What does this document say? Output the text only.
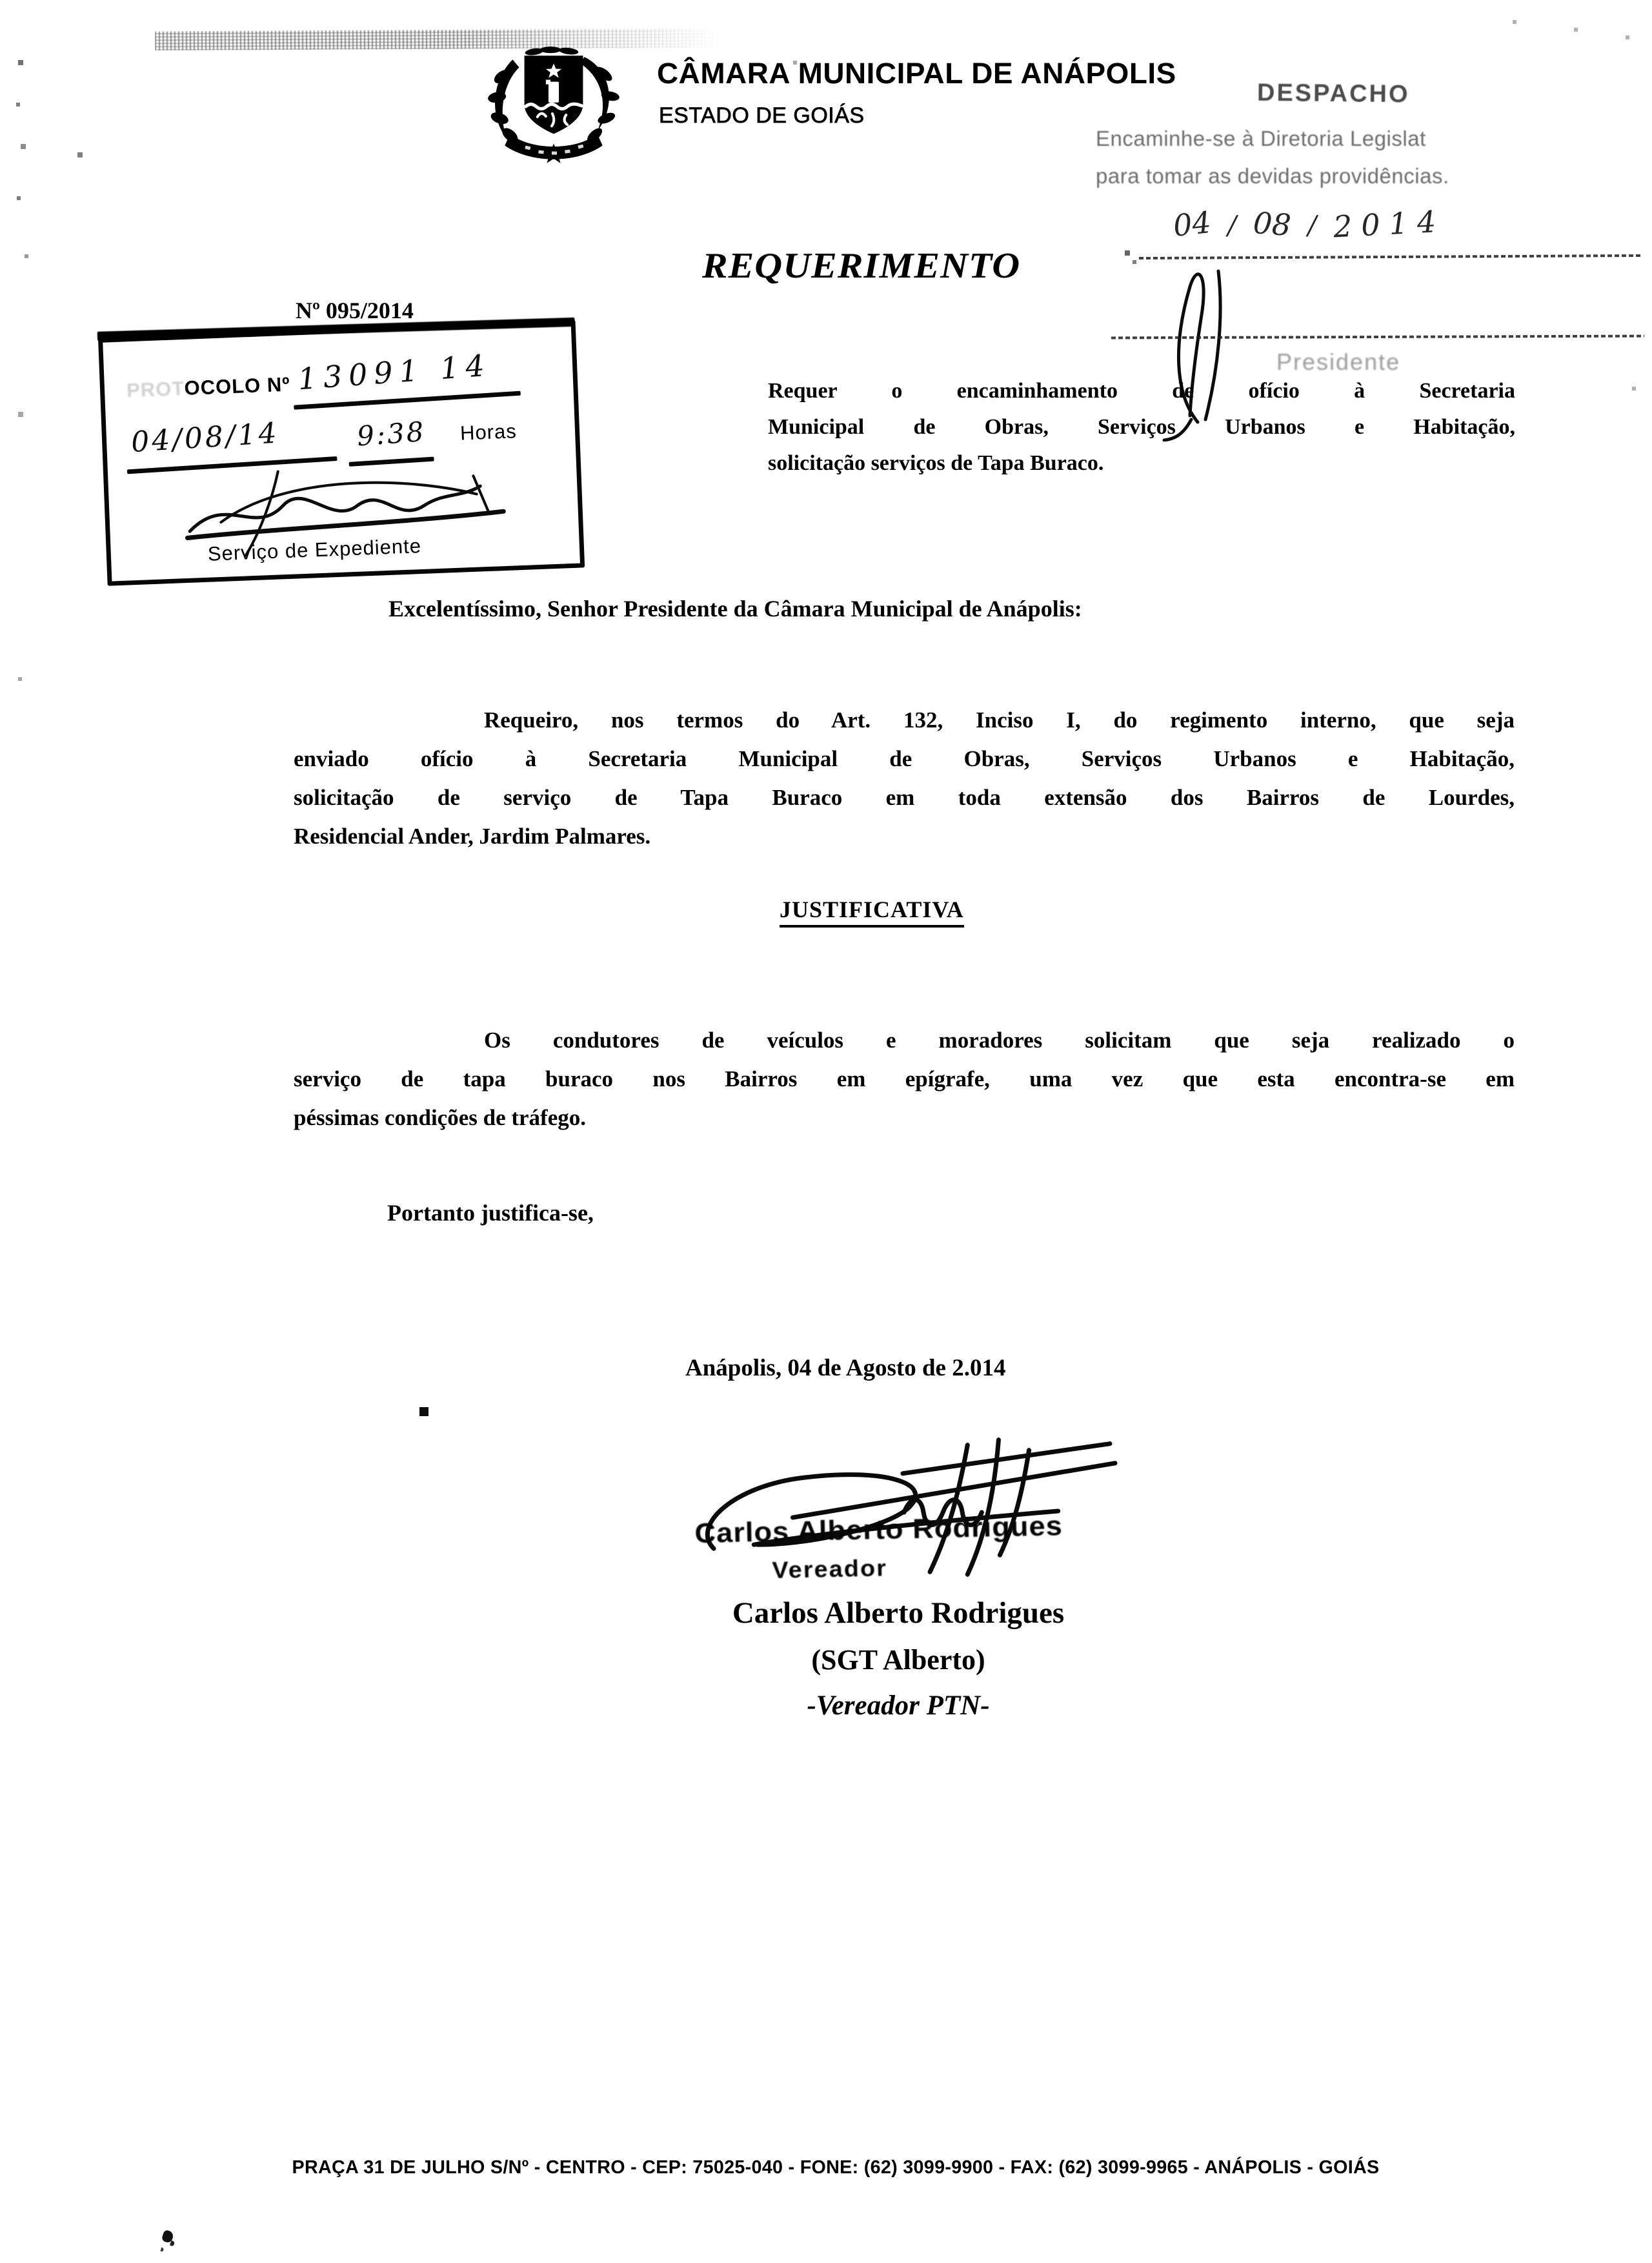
CÂMARA MUNICIPAL DE ANÁPOLIS
ESTADO DE GOIÁS
DESPACHO
Encaminhe-se à Diretoria Legislat
para tomar as devidas providências.
04 / 08 / 2014
Presidente
REQUERIMENTO
Nº 095/2014
PROTOCOLO Nº 13091 14
04/08/14	9:38 Horas
Serviço de Expediente
Requer o encaminhamento de ofício à Secretaria
Municipal de Obras, Serviços Urbanos e Habitação,
solicitação serviços de Tapa Buraco.
Excelentíssimo, Senhor Presidente da Câmara Municipal de Anápolis:
Requeiro, nos termos do Art. 132, Inciso I, do regimento interno, que seja
enviado ofício à Secretaria Municipal de Obras, Serviços Urbanos e Habitação,
solicitação de serviço de Tapa Buraco em toda extensão dos Bairros de Lourdes,
Residencial Ander, Jardim Palmares.
JUSTIFICATIVA
Os condutores de veículos e moradores solicitam que seja realizado o
serviço de tapa buraco nos Bairros em epígrafe, uma vez que esta encontra-se em
péssimas condições de tráfego.
Portanto justifica-se,
Anápolis, 04 de Agosto de 2.014
Carlos Alberto Rodrigues
Vereador
Carlos Alberto Rodrigues
(SGT Alberto)
-Vereador PTN-
PRAÇA 31 DE JULHO S/Nº - CENTRO - CEP: 75025-040 - FONE: (62) 3099-9900 - FAX: (62) 3099-9965 - ANÁPOLIS - GOIÁS
